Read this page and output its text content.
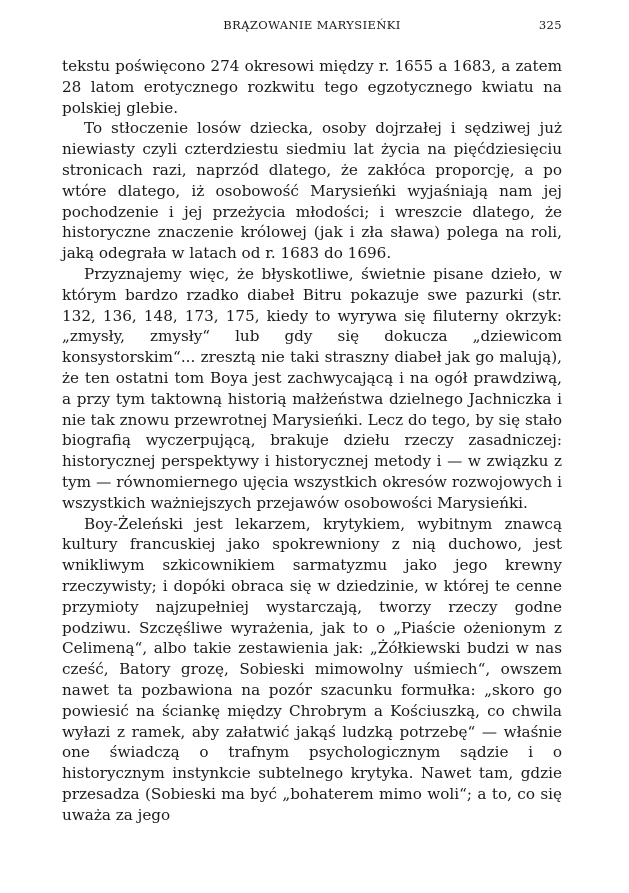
BRĄZOWANIE MARYSIEŃKI	325

tekstu poświęcono 274 okresowi między r. 1655 a 1683, a zatem 28 latom erotycznego rozkwitu tego egzotycznego kwiatu na polskiej glebie.

To stłoczenie losów dziecka, osoby dojrzałej i sędziwej już niewiasty czyli czterdziestu siedmiu lat życia na pięćdziesięciu stronicach razi, naprzód dlatego, że zakłóca proporcję, a po wtóre dlatego, iż osobowość Marysieńki wyjaśniają nam jej pochodzenie i jej przeżycia młodości; i wreszcie dlatego, że historyczne znaczenie królowej (jak i zła sława) polega na roli, jaką odegrała w latach od r. 1683 do 1696.

Przyznajemy więc, że błyskotliwe, świetnie pisane dzieło, w którym bardzo rzadko diabeł Bitru pokazuje swe pazurki (str. 132, 136, 148, 173, 175, kiedy to wyrywa się filuterny okrzyk: „zmysły, zmysły“ lub gdy się dokucza „dziewicom konsystorskim“... zresztą nie taki straszny diabeł jak go malują), że ten ostatni tom Boya jest zachwycającą i na ogół prawdziwą, a przy tym taktowną historią małżeństwa dzielnego Jachniczka i nie tak znowu przewrotnej Marysieńki. Lecz do tego, by się stało biografią wyczerpującą, brakuje dziełu rzeczy zasadniczej: historycznej perspektywy i historycznej metody i — w związku z tym — równomiernego ujęcia wszystkich okresów rozwojowych i wszystkich ważniejszych przejawów osobowości Marysieńki.

Boy-Żeleński jest lekarzem, krytykiem, wybitnym znawcą kultury francuskiej jako spokrewniony z nią duchowo, jest wnikliwym szkicownikiem sarmatyzmu jako jego krewny rzeczywisty; i dopóki obraca się w dziedzinie, w której te cenne przymioty najzupełniej wystarczają, tworzy rzeczy godne podziwu. Szczęśliwe wyrażenia, jak to o „Piaście ożenionym z Celimeną“, albo takie zestawienia jak: „Żółkiewski budzi w nas cześć, Batory grozę, Sobieski mimowolny uśmiech“, owszem nawet ta pozbawiona na pozór szacunku formułka: „skoro go powiesić na ściankę między Chrobrym a Kościuszką, co chwila wyłazi z ramek, aby załatwić jakąś ludzką potrzebę“ — właśnie one świadczą o trafnym psychologicznym sądzie i o historycznym instynkcie subtelnego krytyka. Nawet tam, gdzie przesadza (Sobieski ma być „bohaterem mimo woli“; a to, co się uważa za jego
